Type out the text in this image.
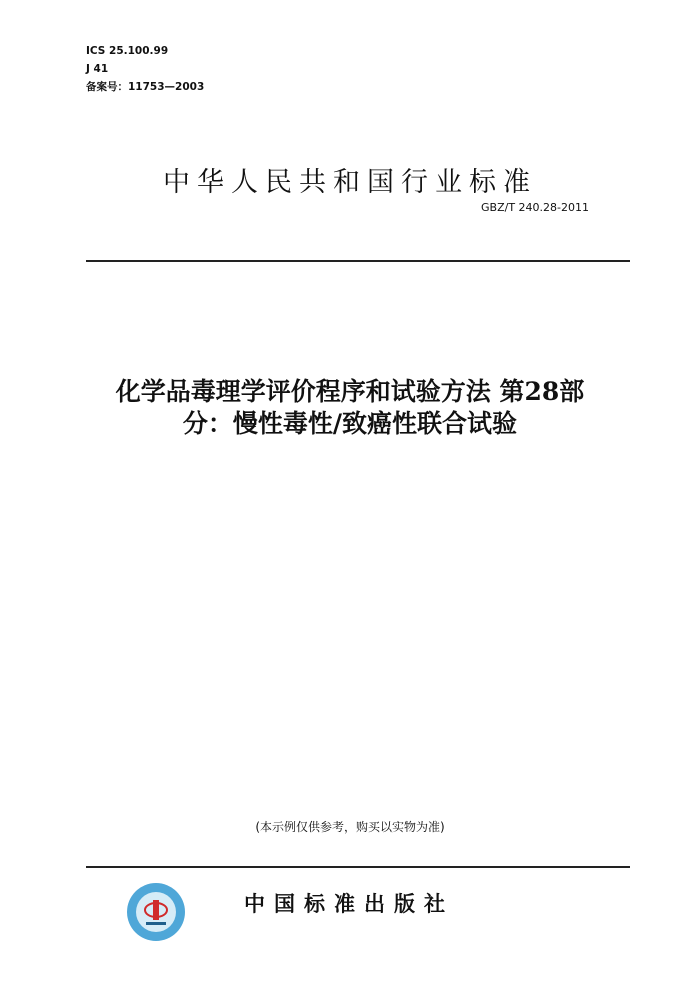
ICS 25.100.99
J 41
备案号：11753—2003
中华人民共和国行业标准
GBZ/T 240.28-2011
化学品毒理学评价程序和试验方法 第28部
分：慢性毒性/致癌性联合试验
(本示例仅供参考，购买以实物为准)
中国标准出版社
